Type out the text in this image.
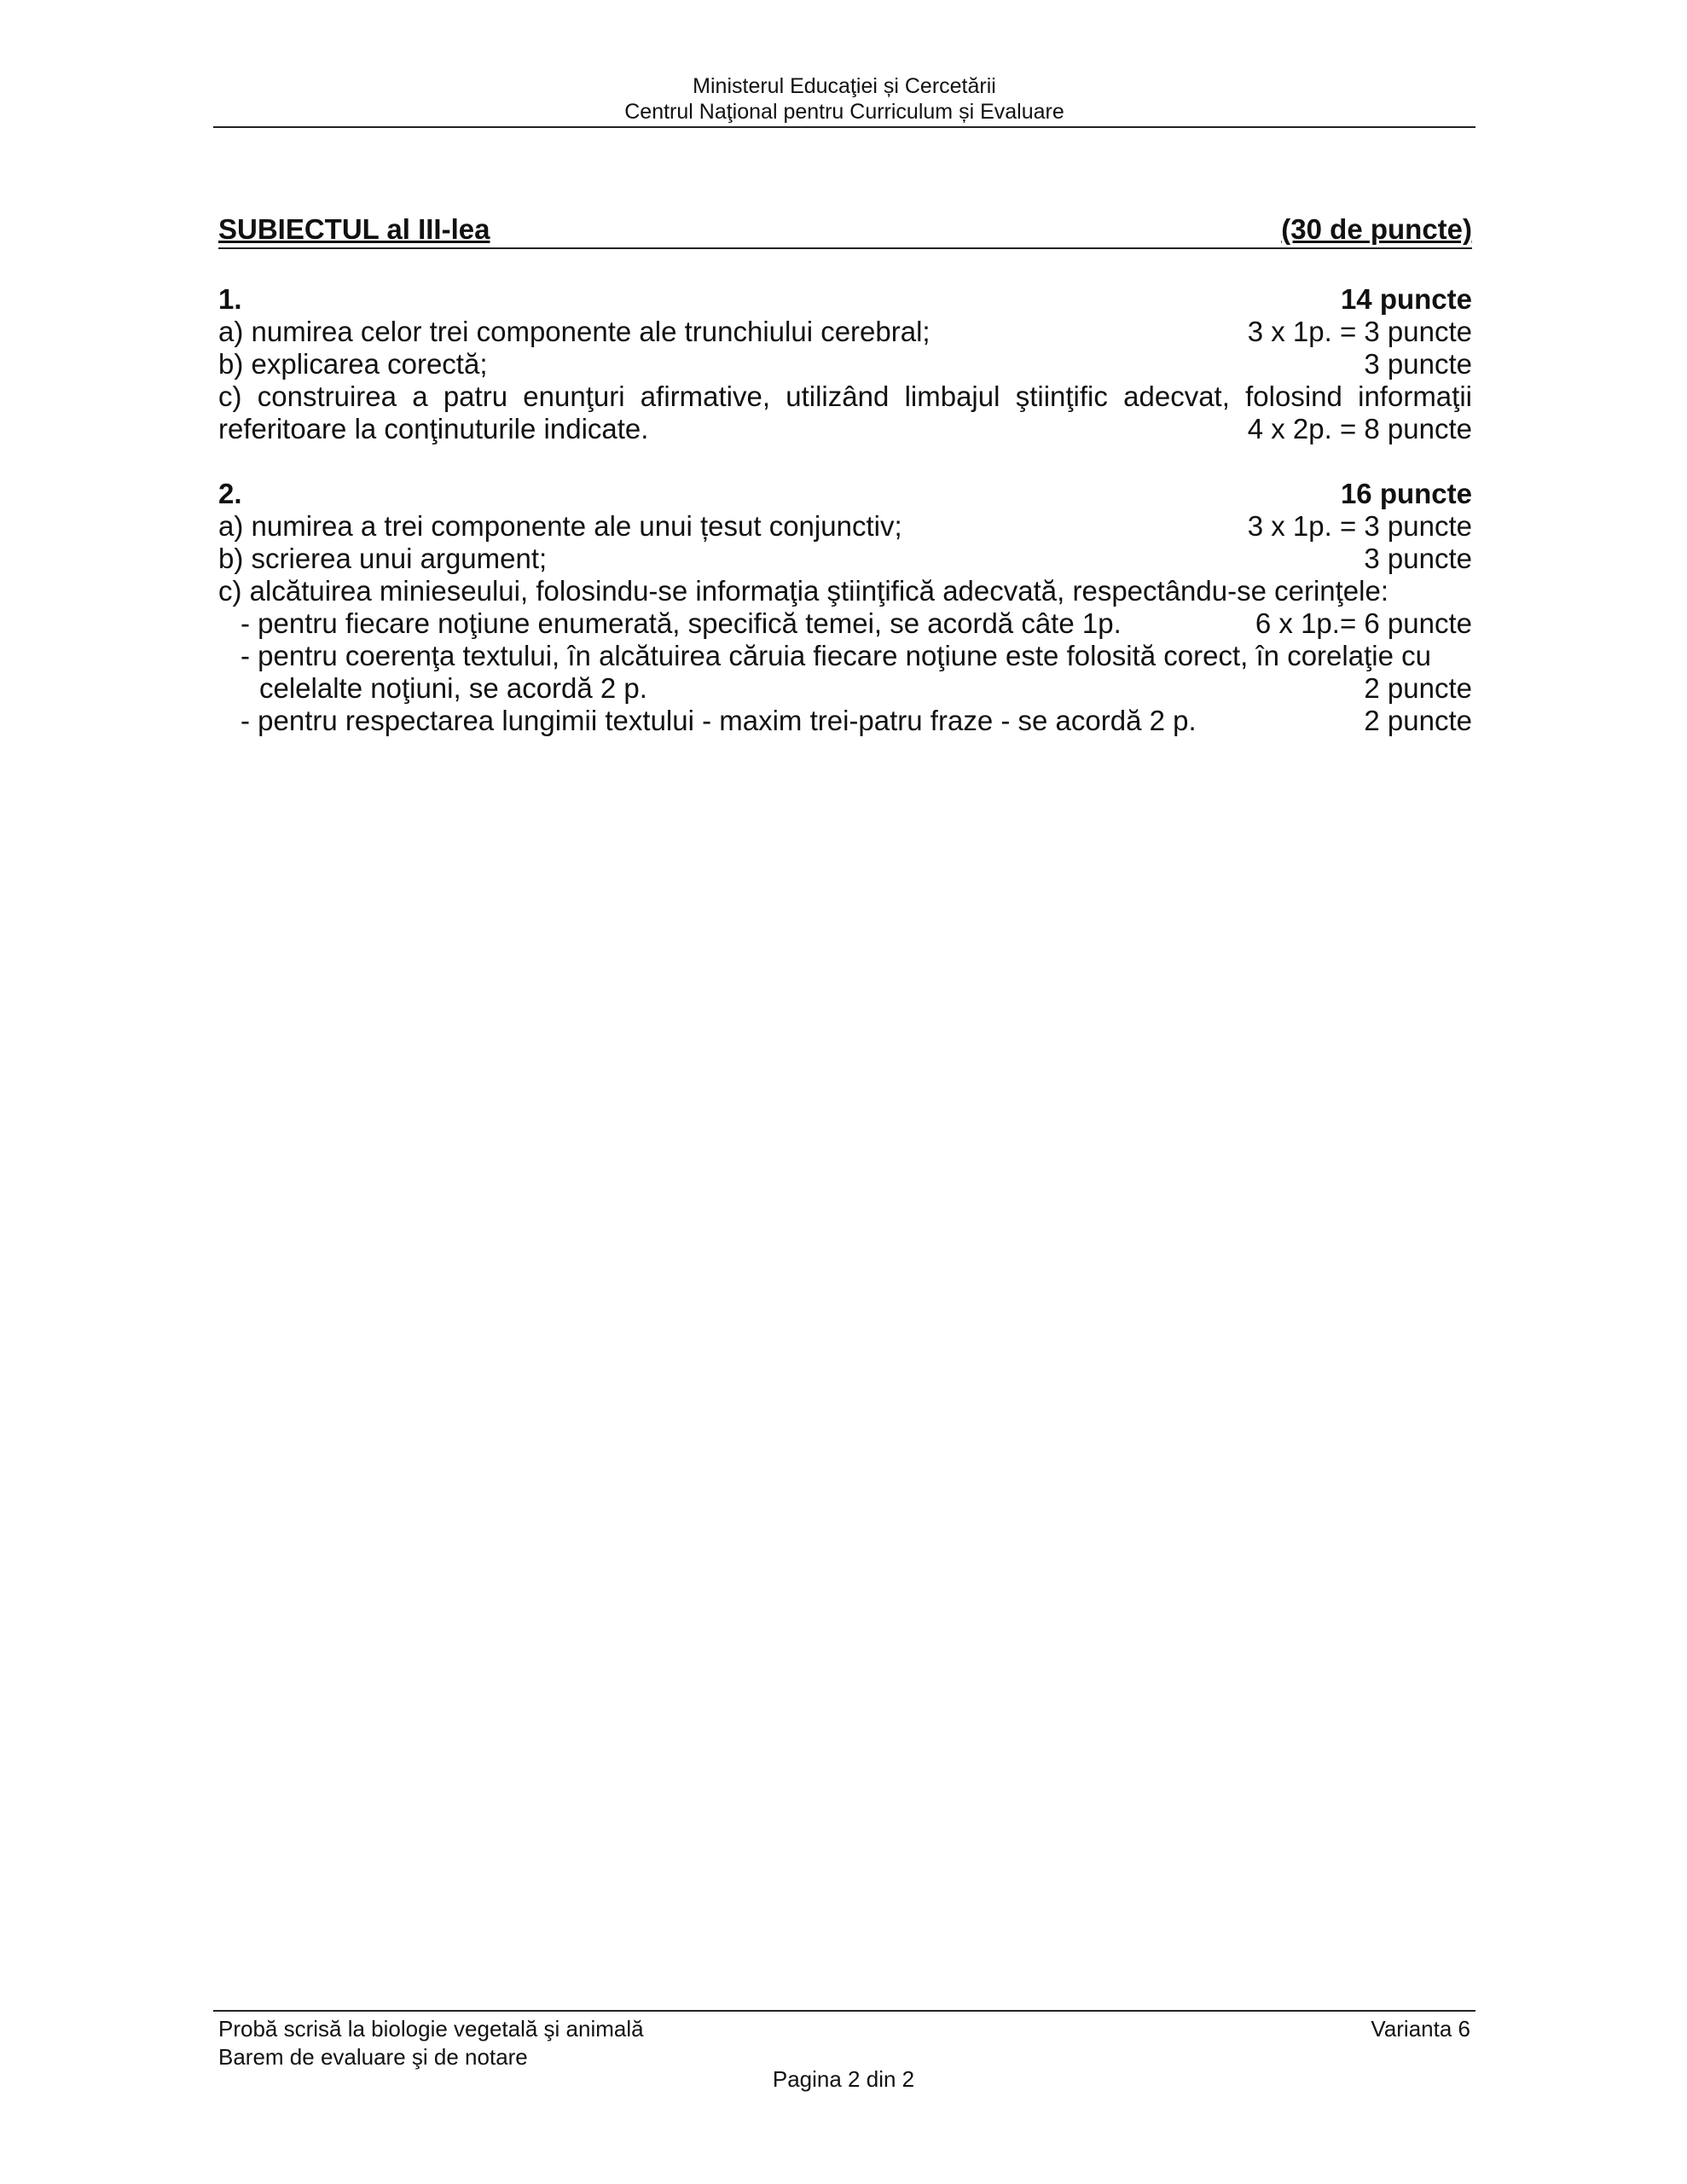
Ministerul Educaţiei și Cercetării
Centrul Naţional pentru Curriculum și Evaluare
SUBIECTUL al III-lea	(30 de puncte)
1.	14 puncte
a) numirea celor trei componente ale trunchiului cerebral;	3 x 1p. = 3 puncte
b) explicarea corectă;	3 puncte
c) construirea a patru enunţuri afirmative, utilizând limbajul ştiinţific adecvat, folosind informaţii
referitoare la conţinuturile indicate.	4 x 2p. = 8 puncte
2.	16 puncte
a) numirea a trei componente ale unui țesut conjunctiv;	3 x 1p. = 3 puncte
b) scrierea unui argument;	3 puncte
c) alcătuirea minieseului, folosindu-se informaţia ştiinţifică adecvată, respectându-se cerinţele:
- pentru fiecare noţiune enumerată, specifică temei, se acordă câte 1p.	6 x 1p.= 6 puncte
- pentru coerenţa textului, în alcătuirea căruia fiecare noţiune este folosită corect, în corelaţie cu
celelalte noţiuni, se acordă 2 p.	2 puncte
- pentru respectarea lungimii textului - maxim trei-patru fraze - se acordă 2 p.	2 puncte
Probă scrisă la biologie vegetală şi animală	Varianta 6
Barem de evaluare şi de notare
Pagina 2 din 2
